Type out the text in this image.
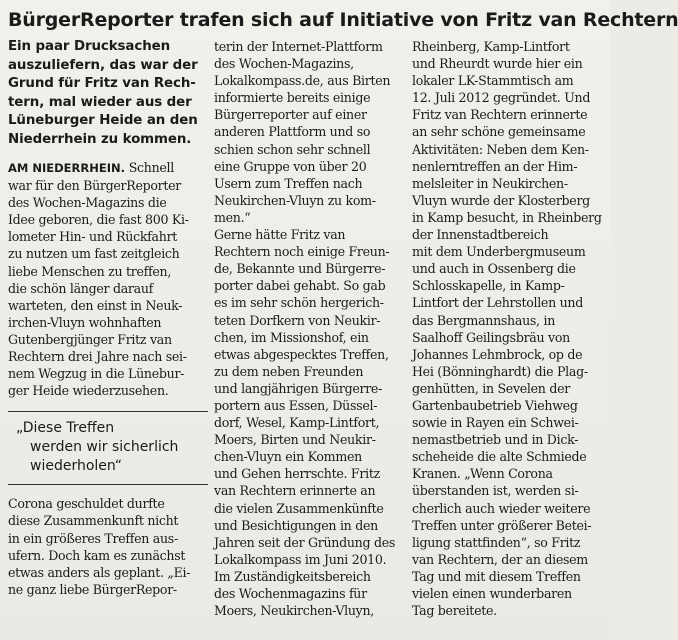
BürgerReporter trafen sich auf Initiative von Fritz van Rechtern
Ein paar Drucksachen
auszuliefern, das war der
Grund für Fritz van Rech-
tern, mal wieder aus der
Lüneburger Heide an den
Niederrhein zu kommen.

AM NIEDERRHEIN. Schnell
war für den BürgerReporter
des Wochen-Magazins die
Idee geboren, die fast 800 Ki-
lometer Hin- und Rückfahrt
zu nutzen um fast zeitgleich
liebe Menschen zu treffen,
die schön länger darauf
warteten, den einst in Neuk-
irchen-Vluyn wohnhaften
Gutenbergjünger Fritz van
Rechtern drei Jahre nach sei-
nem Wegzug in die Lünebur-
ger Heide wiederzusehen.

„Diese Treffen
werden wir sicherlich
wiederholen“

Corona geschuldet durfte
diese Zusammenkunft nicht
in ein größeres Treffen aus-
ufern. Doch kam es zunächst
etwas anders als geplant. „Ei-
ne ganz liebe BürgerRepor-

terin der Internet-Plattform
des Wochen-Magazins,
Lokalkompass.de, aus Birten
informierte bereits einige
Bürgerreporter auf einer
anderen Plattform und so
schien schon sehr schnell
eine Gruppe von über 20
Usern zum Treffen nach
Neukirchen-Vluyn zu kom-
men.“
Gerne hätte Fritz van
Rechtern noch einige Freun-
de, Bekannte und Bürgerre-
porter dabei gehabt. So gab
es im sehr schön hergerich-
teten Dorfkern von Neukir-
chen, im Missionshof, ein
etwas abgespecktes Treffen,
zu dem neben Freunden
und langjährigen Bürgerre-
portern aus Essen, Düssel-
dorf, Wesel, Kamp-Lintfort,
Moers, Birten und Neukir-
chen-Vluyn ein Kommen
und Gehen herrschte. Fritz
van Rechtern erinnerte an
die vielen Zusammenkünfte
und Besichtigungen in den
Jahren seit der Gründung des
Lokalkompass im Juni 2010.
Im Zuständigkeitsbereich
des Wochenmagazins für
Moers, Neukirchen-Vluyn,

Rheinberg, Kamp-Lintfort
und Rheurdt wurde hier ein
lokaler LK-Stammtisch am
12. Juli 2012 gegründet. Und
Fritz van Rechtern erinnerte
an sehr schöne gemeinsame
Aktivitäten: Neben dem Ken-
nenlerntreffen an der Him-
melsleiter in Neukirchen-
Vluyn wurde der Klosterberg
in Kamp besucht, in Rheinberg
der Innenstadtbereich
mit dem Underbergmuseum
und auch in Ossenberg die
Schlosskapelle, in Kamp-
Lintfort der Lehrstollen und
das Bergmannshaus, in
Saalhoff Geilingsbräu von
Johannes Lehmbrock, op de
Hei (Bönninghardt) die Plag-
genhütten, in Sevelen der
Gartenbaubetrieb Viehweg
sowie in Rayen ein Schwei-
nemastbetrieb und in Dick-
scheheide die alte Schmiede
Kranen. „Wenn Corona
überstanden ist, werden si-
cherlich auch wieder weitere
Treffen unter größerer Betei-
ligung stattfinden“, so Fritz
van Rechtern, der an diesem
Tag und mit diesem Treffen
vielen einen wunderbaren
Tag bereitete.
